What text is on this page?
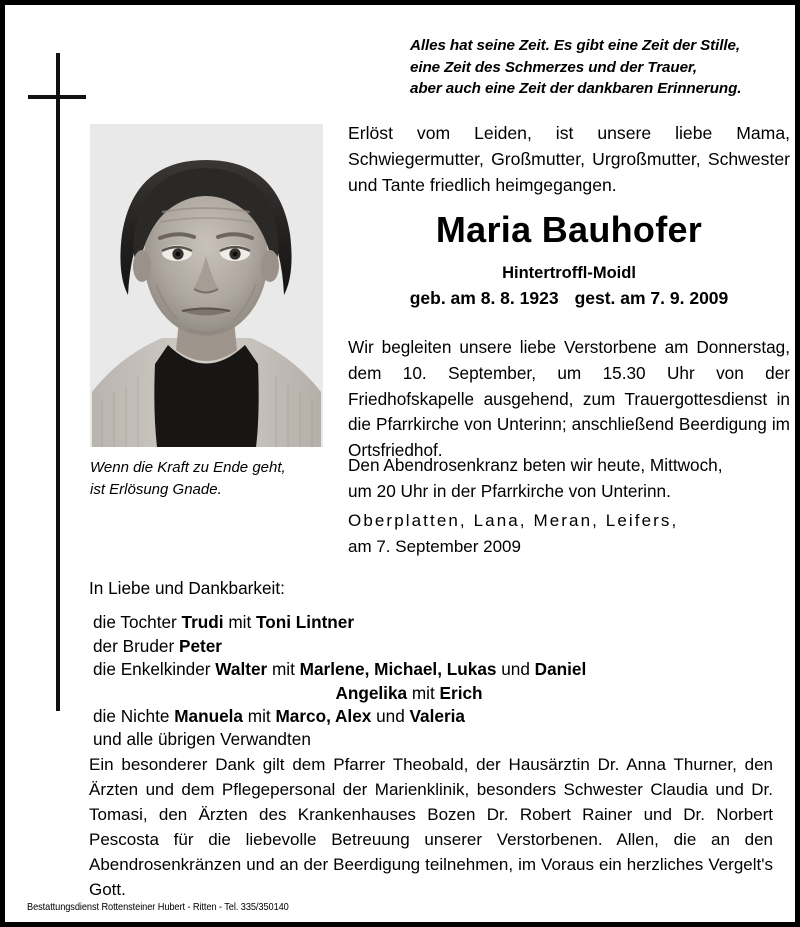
Alles hat seine Zeit. Es gibt eine Zeit der Stille,
eine Zeit des Schmerzes und der Trauer,
aber auch eine Zeit der dankbaren Erinnerung.
Wenn die Kraft zu Ende geht,
ist Erlösung Gnade.
Erlöst vom Leiden, ist unsere liebe Mama, Schwiegermutter, Großmutter, Urgroßmutter, Schwester und Tante friedlich heimgegangen.
Maria Bauhofer
Hintertroffl-Moidl
geb. am 8. 8. 1923 gest. am 7. 9. 2009
Wir begleiten unsere liebe Verstorbene am Donnerstag, dem 10. September, um 15.30 Uhr von der Friedhofskapelle ausgehend, zum Trauergottesdienst in die Pfarrkirche von Unterinn; anschließend Beerdigung im Ortsfriedhof.
Den Abendrosenkranz beten wir heute, Mittwoch,
um 20 Uhr in der Pfarrkirche von Unterinn.
Oberplatten, Lana, Meran, Leifers,
am 7. September 2009
In Liebe und Dankbarkeit:
die Tochter Trudi mit Toni Lintner
der Bruder Peter
die Enkelkinder Walter mit Marlene, Michael, Lukas und Daniel
Angelika mit Erich
die Nichte Manuela mit Marco, Alex und Valeria
und alle übrigen Verwandten
Ein besonderer Dank gilt dem Pfarrer Theobald, der Hausärztin Dr. Anna Thurner, den Ärzten und dem Pflegepersonal der Marienklinik, besonders Schwester Claudia und Dr. Tomasi, den Ärzten des Krankenhauses Bozen Dr. Robert Rainer und Dr. Norbert Pescosta für die liebevolle Betreuung unserer Verstorbenen. Allen, die an den Abendrosenkränzen und an der Beerdigung teilnehmen, im Voraus ein herzliches Vergelt's Gott.
Bestattungsdienst Rottensteiner Hubert - Ritten - Tel. 335/350140
